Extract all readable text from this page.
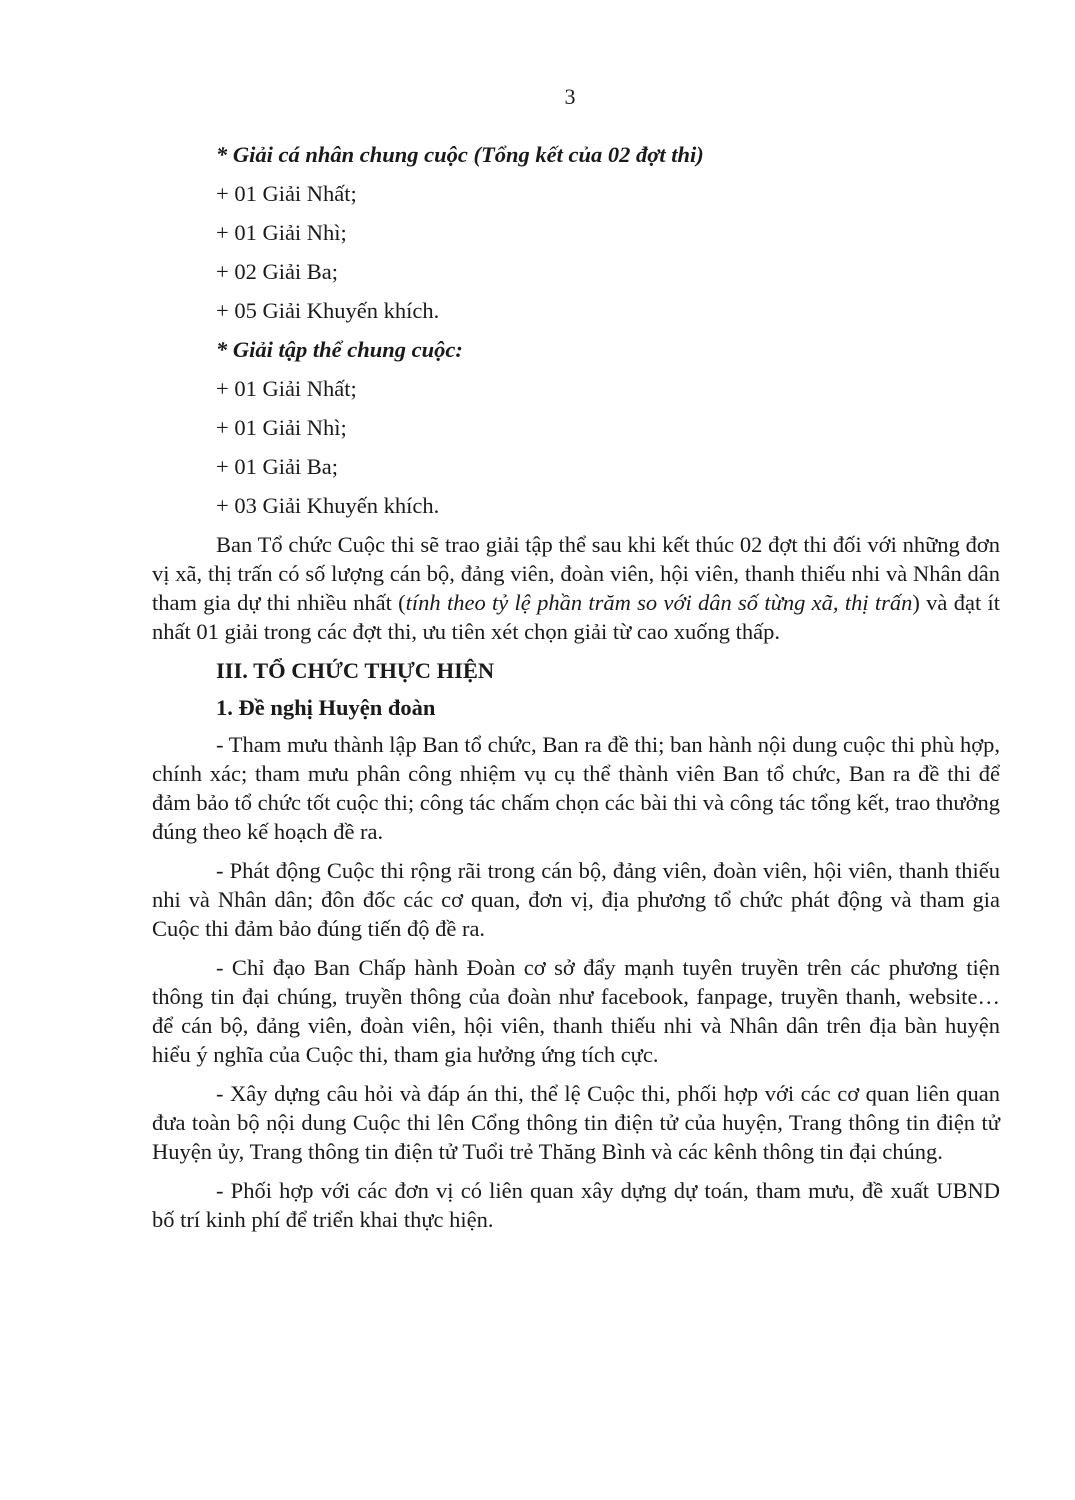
3
* Giải cá nhân chung cuộc (Tổng kết của 02 đợt thi)
+ 01 Giải Nhất;
+ 01 Giải Nhì;
+ 02 Giải Ba;
+ 05 Giải Khuyến khích.
* Giải tập thể chung cuộc:
+ 01 Giải Nhất;
+ 01 Giải Nhì;
+ 01 Giải Ba;
+ 03 Giải Khuyến khích.

Ban Tổ chức Cuộc thi sẽ trao giải tập thể sau khi kết thúc 02 đợt thi đối với những đơn vị xã, thị trấn có số lượng cán bộ, đảng viên, đoàn viên, hội viên, thanh thiếu nhi và Nhân dân tham gia dự thi nhiều nhất (tính theo tỷ lệ phần trăm so với dân số từng xã, thị trấn) và đạt ít nhất 01 giải trong các đợt thi, ưu tiên xét chọn giải từ cao xuống thấp.

III. TỔ CHỨC THỰC HIỆN
1. Đề nghị Huyện đoàn

- Tham mưu thành lập Ban tổ chức, Ban ra đề thi; ban hành nội dung cuộc thi phù hợp, chính xác; tham mưu phân công nhiệm vụ cụ thể thành viên Ban tổ chức, Ban ra đề thi để đảm bảo tổ chức tốt cuộc thi; công tác chấm chọn các bài thi và công tác tổng kết, trao thưởng đúng theo kế hoạch đề ra.

- Phát động Cuộc thi rộng rãi trong cán bộ, đảng viên, đoàn viên, hội viên, thanh thiếu nhi và Nhân dân; đôn đốc các cơ quan, đơn vị, địa phương tổ chức phát động và tham gia Cuộc thi đảm bảo đúng tiến độ đề ra.

- Chỉ đạo Ban Chấp hành Đoàn cơ sở đẩy mạnh tuyên truyền trên các phương tiện thông tin đại chúng, truyền thông của đoàn như facebook, fanpage, truyền thanh, website… để cán bộ, đảng viên, đoàn viên, hội viên, thanh thiếu nhi và Nhân dân trên địa bàn huyện hiểu ý nghĩa của Cuộc thi, tham gia hưởng ứng tích cực.

- Xây dựng câu hỏi và đáp án thi, thể lệ Cuộc thi, phối hợp với các cơ quan liên quan đưa toàn bộ nội dung Cuộc thi lên Cổng thông tin điện tử của huyện, Trang thông tin điện tử Huyện ủy, Trang thông tin điện tử Tuổi trẻ Thăng Bình và các kênh thông tin đại chúng.

- Phối hợp với các đơn vị có liên quan xây dựng dự toán, tham mưu, đề xuất UBND bố trí kinh phí để triển khai thực hiện.
